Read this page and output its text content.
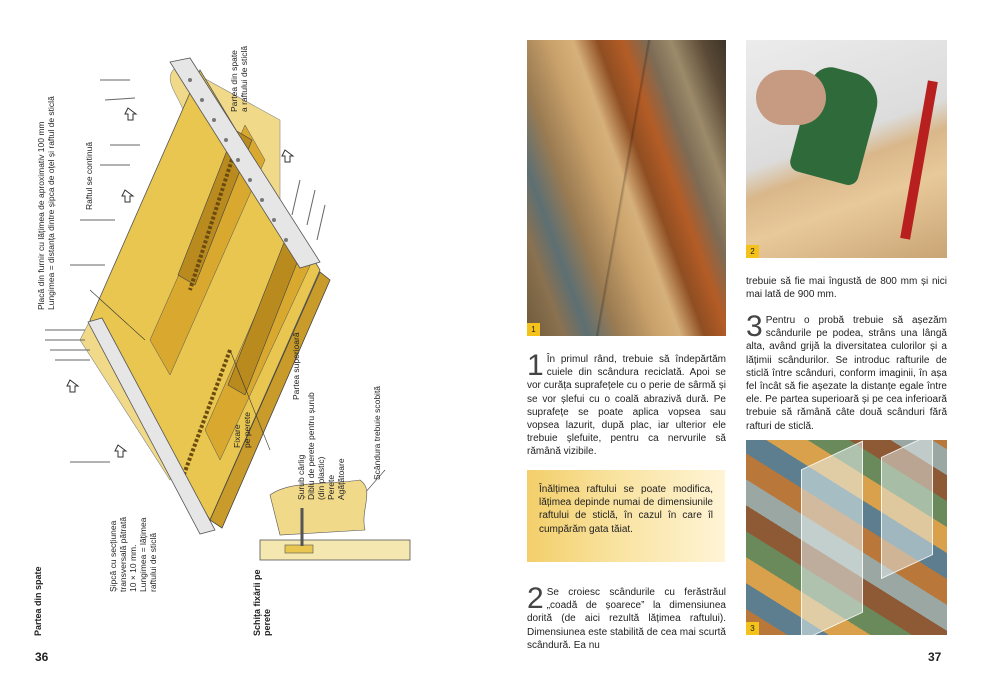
Partea din spate a raftului de sticlă
Placă din furnir cu lățimea de aproximativ 100 mm Lungimea = distanța dintre șipca de oțel și raftul de sticlă	Raftul se continuă
Partea superioară
Fixare pe perete
Șurub cârlig Diblu de perete pentru șurub (din plastic) Perete Agățătoare	Scândura trebuie scobită
Șipcă cu secțiunea transversală pătrată 10 × 10 mm. Lungimea = lățimea raftului de sticlă
Schița fixării pe perete
Partea din spate
36
1
2
3
1 În primul rând, trebuie să îndepărtăm cuiele din scândura reciclată. Apoi se vor curăța suprafețele cu o perie de sârmă și se vor șlefui cu o coală abrazivă dură. Pe suprafețe se poate aplica vopsea sau vopsea lazurit, după plac, iar ulterior ele trebuie șlefuite, pentru ca nervurile să rămână vizibile.

Înălțimea raftului se poate modifica, lățimea depinde numai de dimensiunile raftului de sticlă, în cazul în care îl cumpărăm gata tăiat.

2 Se croiesc scândurile cu ferăstrăul „coadă de șoarece” la dimensiunea dorită (de aici rezultă lățimea raftului). Dimensiunea este stabilită de cea mai scurtă scândură. Ea nu
trebuie să fie mai îngustă de 800 mm și nici mai lată de 900 mm.
3 Pentru o probă trebuie să așezăm scândurile pe podea, strâns una lângă alta, având grijă la diversitatea culorilor și a lățimii scândurilor. Se introduc rafturile de sticlă între scânduri, conform imaginii, în așa fel încât să fie așezate la distanțe egale între ele. Pe partea superioară și pe cea inferioară trebuie să rămână câte două scânduri fără rafturi de sticlă.
37
